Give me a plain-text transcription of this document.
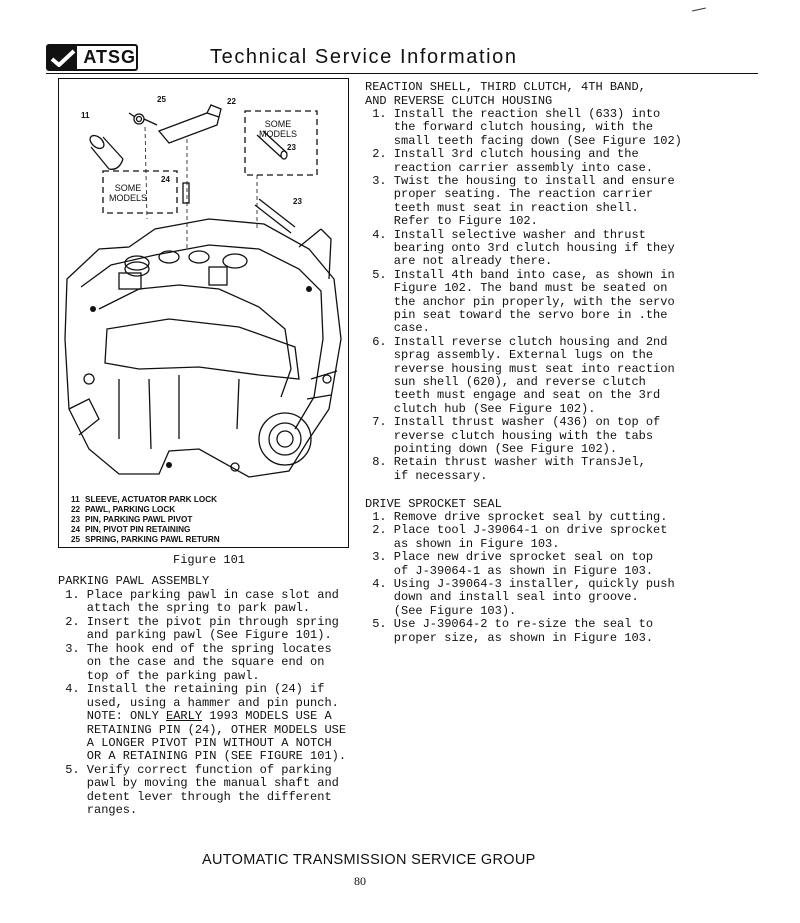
ATSG	Technical Service Information
25	22
11
24
23
23
SOME
MODELS
SOME
MODELS
11 SLEEVE, ACTUATOR PARK LOCK
22 PAWL, PARKING LOCK
23 PIN, PARKING PAWL PIVOT
24 PIN, PIVOT PIN RETAINING
25 SPRING, PARKING PAWL RETURN
Figure 101
PARKING PAWL ASSEMBLY
1. Place parking pawl in case slot and
attach the spring to park pawl.
2. Insert the pivot pin through spring
and parking pawl (See Figure 101).
3. The hook end of the spring locates
on the case and the square end on
top of the parking pawl.
4. Install the retaining pin (24) if
used, using a hammer and pin punch.
NOTE: ONLY EARLY 1993 MODELS USE A
RETAINING PIN (24), OTHER MODELS USE
A LONGER PIVOT PIN WITHOUT A NOTCH
OR A RETAINING PIN (SEE FIGURE 101).
5. Verify correct function of parking
pawl by moving the manual shaft and
detent lever through the different
ranges.
REACTION SHELL, THIRD CLUTCH, 4TH BAND,
AND REVERSE CLUTCH HOUSING
1. Install the reaction shell (633) into
the forward clutch housing, with the
small teeth facing down (See Figure 102)
2. Install 3rd clutch housing and the
reaction carrier assembly into case.
3. Twist the housing to install and ensure
proper seating. The reaction carrier
teeth must seat in reaction shell.
Refer to Figure 102.
4. Install selective washer and thrust
bearing onto 3rd clutch housing if they
are not already there.
5. Install 4th band into case, as shown in
Figure 102. The band must be seated on
the anchor pin properly, with the servo
pin seat toward the servo bore in .the
case.
6. Install reverse clutch housing and 2nd
sprag assembly. External lugs on the
reverse housing must seat into reaction
sun shell (620), and reverse clutch
teeth must engage and seat on the 3rd
clutch hub (See Figure 102).
7. Install thrust washer (436) on top of
reverse clutch housing with the tabs
pointing down (See Figure 102).
8. Retain thrust washer with TransJel,
if necessary.
DRIVE SPROCKET SEAL
1. Remove drive sprocket seal by cutting.
2. Place tool J-39064-1 on drive sprocket
as shown in Figure 103.
3. Place new drive sprocket seal on top
of J-39064-1 as shown in Figure 103.
4. Using J-39064-3 installer, quickly push
down and install seal into groove.
(See Figure 103).
5. Use J-39064-2 to re-size the seal to
proper size, as shown in Figure 103.
AUTOMATIC TRANSMISSION SERVICE GROUP
80
